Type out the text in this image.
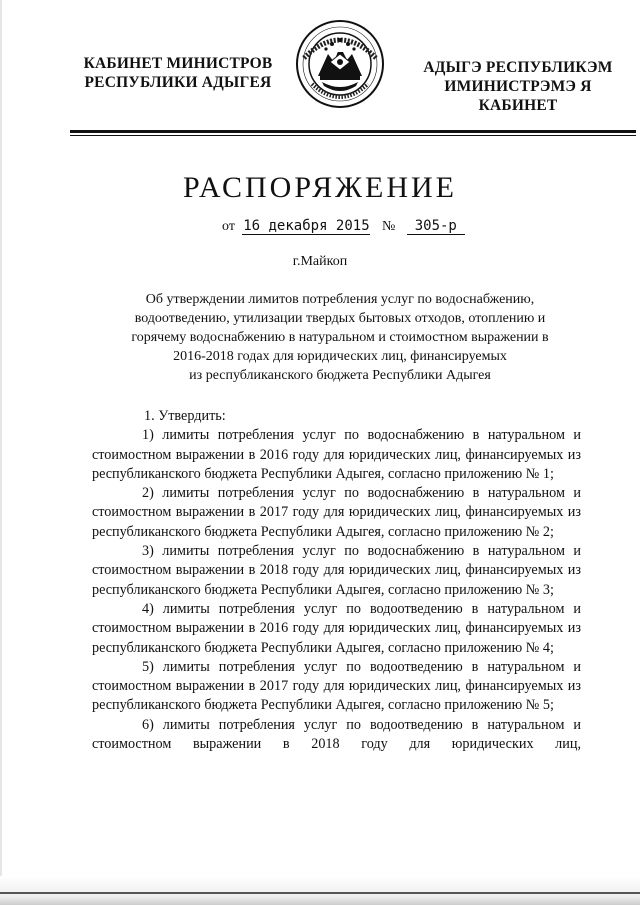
КАБИНЕТ МИНИСТРОВ
РЕСПУБЛИКИ АДЫГЕЯ
АДЫГЭ РЕСПУБЛИКЭМ
ИМИНИСТРЭМЭ Я КАБИНЕТ
РАСПОРЯЖЕНИЕ
от 16 декабря 2015 № 305-р
г.Майкоп
Об утверждении лимитов потребления услуг по водоснабжению,
водоотведению, утилизации твердых бытовых отходов, отоплению и
горячему водоснабжению в натуральном и стоимостном выражении в
2016-2018 годах для юридических лиц, финансируемых
из республиканского бюджета Республики Адыгея

1. Утвердить:

1) лимиты потребления услуг по водоснабжению в натуральном и стоимостном выражении в 2016 году для юридических лиц, финансируемых из республиканского бюджета Республики Адыгея, согласно приложению № 1;

2) лимиты потребления услуг по водоснабжению в натуральном и стоимостном выражении в 2017 году для юридических лиц, финансируемых из республиканского бюджета Республики Адыгея, согласно приложению № 2;

3) лимиты потребления услуг по водоснабжению в натуральном и стоимостном выражении в 2018 году для юридических лиц, финансируемых из республиканского бюджета Республики Адыгея, согласно приложению № 3;

4) лимиты потребления услуг по водоотведению в натуральном и стоимостном выражении в 2016 году для юридических лиц, финансируемых из республиканского бюджета Республики Адыгея, согласно приложению № 4;

5) лимиты потребления услуг по водоотведению в натуральном и стоимостном выражении в 2017 году для юридических лиц, финансируемых из республиканского бюджета Республики Адыгея, согласно приложению № 5;

6) лимиты потребления услуг по водоотведению в натуральном и стоимостном выражении в 2018 году для юридических лиц,
